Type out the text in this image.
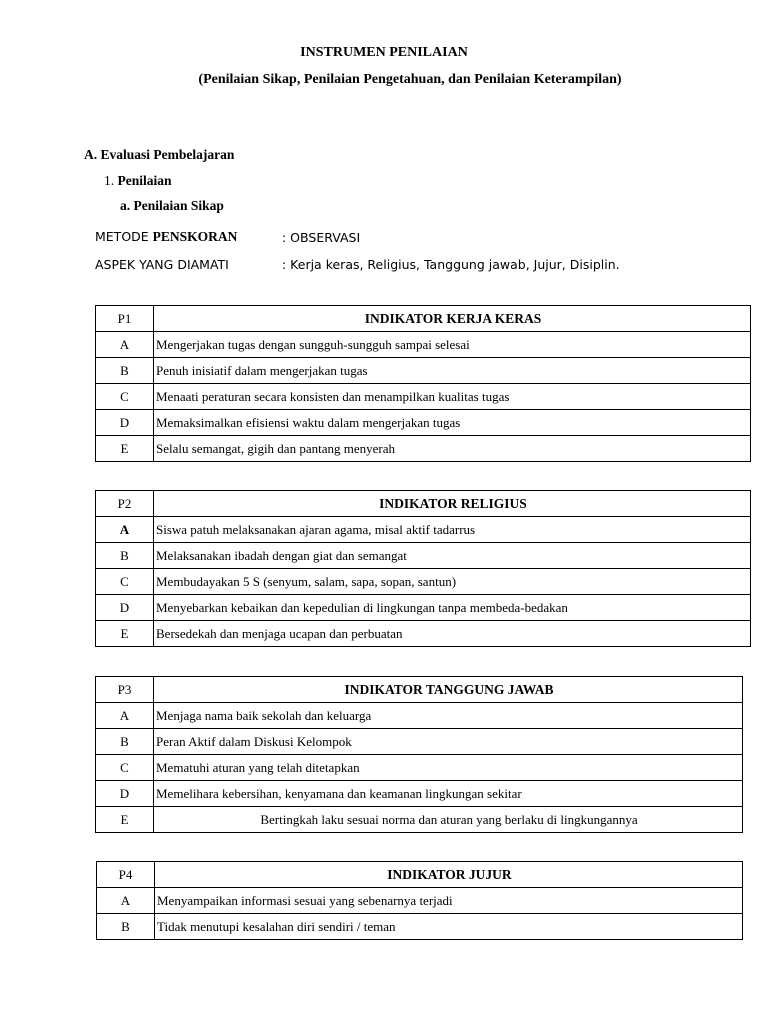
INSTRUMEN PENILAIAN
(Penilaian Sikap, Penilaian Pengetahuan, dan Penilaian Keterampilan)
A. Evaluasi Pembelajaran
1. Penilaian
a. Penilaian Sikap
METODE PENSKORAN	: OBSERVASI
ASPEK YANG DIAMATI	: Kerja keras, Religius, Tanggung jawab, Jujur, Disiplin.
P1	INDIKATOR KERJA KERAS
A	Mengerjakan tugas dengan sungguh-sungguh sampai selesai
B	Penuh inisiatif dalam mengerjakan tugas
C	Menaati peraturan secara konsisten dan menampilkan kualitas tugas
D	Memaksimalkan efisiensi waktu dalam mengerjakan tugas
E	Selalu semangat, gigih dan pantang menyerah
P2	INDIKATOR RELIGIUS
A	Siswa patuh melaksanakan ajaran agama, misal aktif tadarrus
B	Melaksanakan ibadah dengan giat dan semangat
C	Membudayakan 5 S (senyum, salam, sapa, sopan, santun)
D	Menyebarkan kebaikan dan kepedulian di lingkungan tanpa membeda-bedakan
E	Bersedekah dan menjaga ucapan dan perbuatan
P3	INDIKATOR TANGGUNG JAWAB
A	Menjaga nama baik sekolah dan keluarga
B	Peran Aktif dalam Diskusi Kelompok
C	Mematuhi aturan yang telah ditetapkan
D	Memelihara kebersihan, kenyamana dan keamanan lingkungan sekitar
E	Bertingkah laku sesuai norma dan aturan yang berlaku di lingkungannya
P4	INDIKATOR JUJUR
A	Menyampaikan informasi sesuai yang sebenarnya terjadi
B	Tidak menutupi kesalahan diri sendiri / teman
